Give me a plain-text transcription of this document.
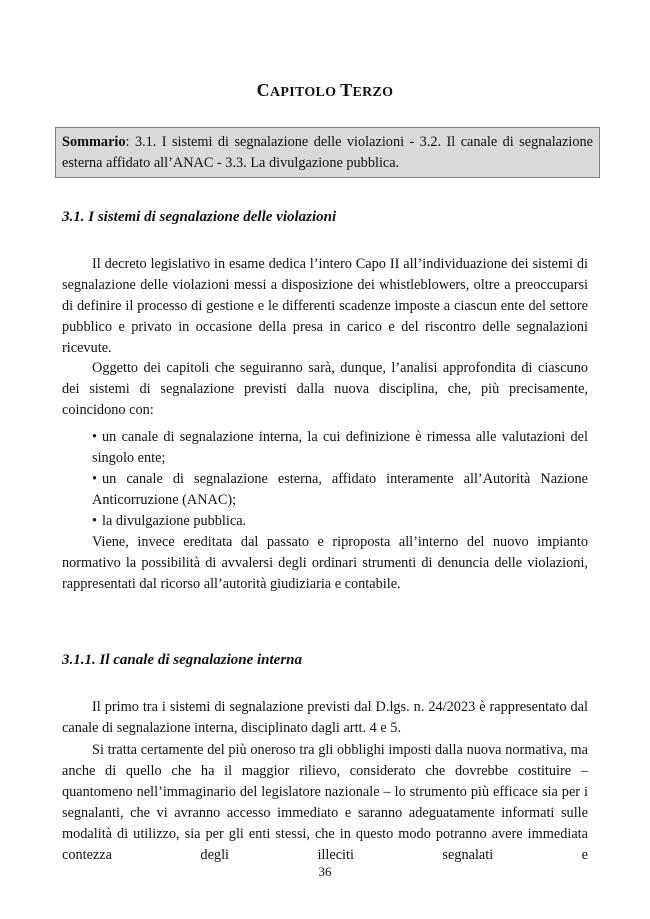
CAPITOLO TERZO
Sommario: 3.1. I sistemi di segnalazione delle violazioni - 3.2. Il canale di segnalazione esterna affidato all’ANAC - 3.3. La divulgazione pubblica.
3.1. I sistemi di segnalazione delle violazioni

Il decreto legislativo in esame dedica l’intero Capo II all’individuazione dei sistemi di segnalazione delle violazioni messi a disposizione dei whistleblowers, oltre a preoccuparsi di definire il processo di gestione e le differenti scadenze imposte a ciascun ente del settore pubblico e privato in occasione della presa in carico e del riscontro delle segnalazioni ricevute.

Oggetto dei capitoli che seguiranno sarà, dunque, l’analisi approfondita di ciascuno dei sistemi di segnalazione previsti dalla nuova disciplina, che, più precisamente, coincidono con:

• un canale di segnalazione interna, la cui definizione è rimessa alle valutazioni del singolo ente;
• un canale di segnalazione esterna, affidato interamente all’Autorità Nazione Anticorruzione (ANAC);
• la divulgazione pubblica.

Viene, invece ereditata dal passato e riproposta all’interno del nuovo impianto normativo la possibilità di avvalersi degli ordinari strumenti di denuncia delle violazioni, rappresentati dal ricorso all’autorità giudiziaria e contabile.

3.1.1. Il canale di segnalazione interna

Il primo tra i sistemi di segnalazione previsti dal D.lgs. n. 24/2023 è rappresentato dal canale di segnalazione interna, disciplinato dagli artt. 4 e 5.

Si tratta certamente del più oneroso tra gli obblighi imposti dalla nuova normativa, ma anche di quello che ha il maggior rilievo, considerato che dovrebbe costituire – quantomeno nell’immaginario del legislatore nazionale – lo strumento più efficace sia per i segnalanti, che vi avranno accesso immediato e saranno adeguatamente informati sulle modalità di utilizzo, sia per gli enti stessi, che in questo modo potranno avere immediata contezza degli illeciti segnalati e

36
